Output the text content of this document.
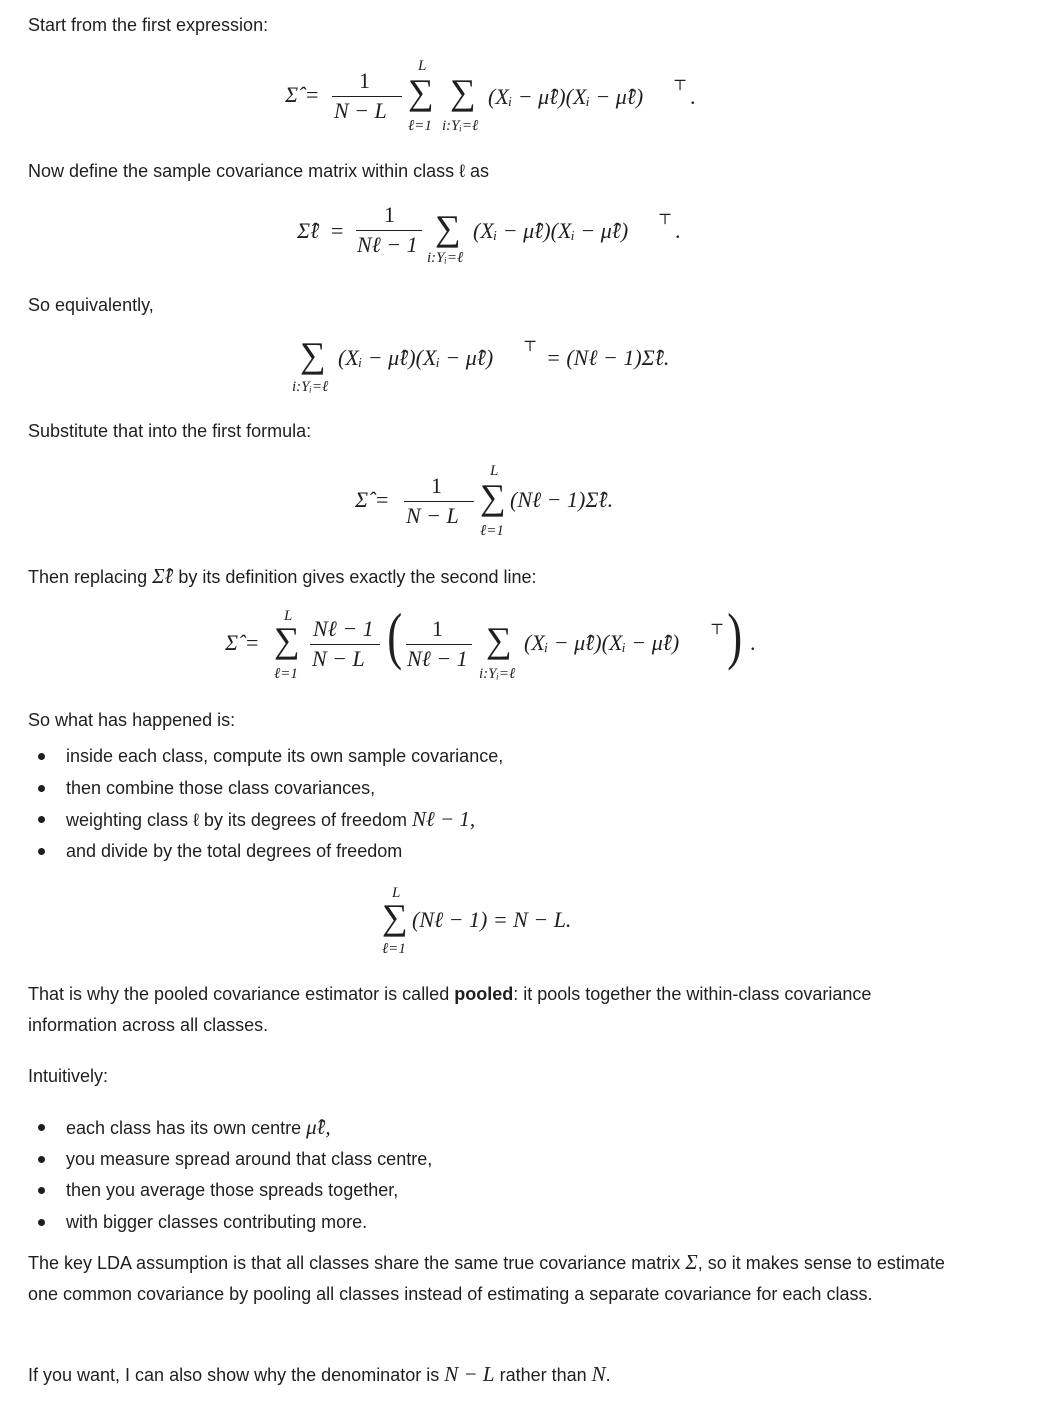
Start from the first expression:

Σ̂ =
1
N − L
L
∑
ℓ=1
∑
i:Yᵢ=ℓ
(Xᵢ − μ̂ℓ)(Xᵢ − μ̂ℓ) ⊤ .

Now define the sample covariance matrix within class ℓ as

Σ̂ℓ =
1
Nℓ − 1 ∑
i:Yᵢ=ℓ
(Xᵢ − μ̂ℓ)(Xᵢ − μ̂ℓ) ⊤ .

So equivalently,

∑
i:Yᵢ=ℓ
(Xᵢ − μ̂ℓ)(Xᵢ − μ̂ℓ) ⊤ = (Nℓ − 1)Σ̂ℓ.

Substitute that into the first formula:

Σ̂ =
1
N − L
L
∑
ℓ=1
(Nℓ − 1)Σ̂ℓ.

Then replacing Σ̂ℓ by its definition gives exactly the second line:

Σ̂ =
L
∑
ℓ=1
Nℓ − 1
N − L ( 1
Nℓ − 1 ∑
i:Yᵢ=ℓ
(Xᵢ − μ̂ℓ)(Xᵢ − μ̂ℓ) ⊤ ) .

So what has happened is:

inside each class, compute its own sample covariance,
then combine those class covariances,
weighting class ℓ by its degrees of freedom Nℓ − 1,
and divide by the total degrees of freedom
L
∑
ℓ=1
(Nℓ − 1) = N − L.

That is why the pooled covariance estimator is called pooled: it pools together the within-class covariance information across all classes.

Intuitively:

each class has its own centre μ̂ℓ,
you measure spread around that class centre,
then you average those spreads together,
with bigger classes contributing more.

The key LDA assumption is that all classes share the same true covariance matrix Σ, so it makes sense to estimate one common covariance by pooling all classes instead of estimating a separate covariance for each class.

If you want, I can also show why the denominator is N − L rather than N.
